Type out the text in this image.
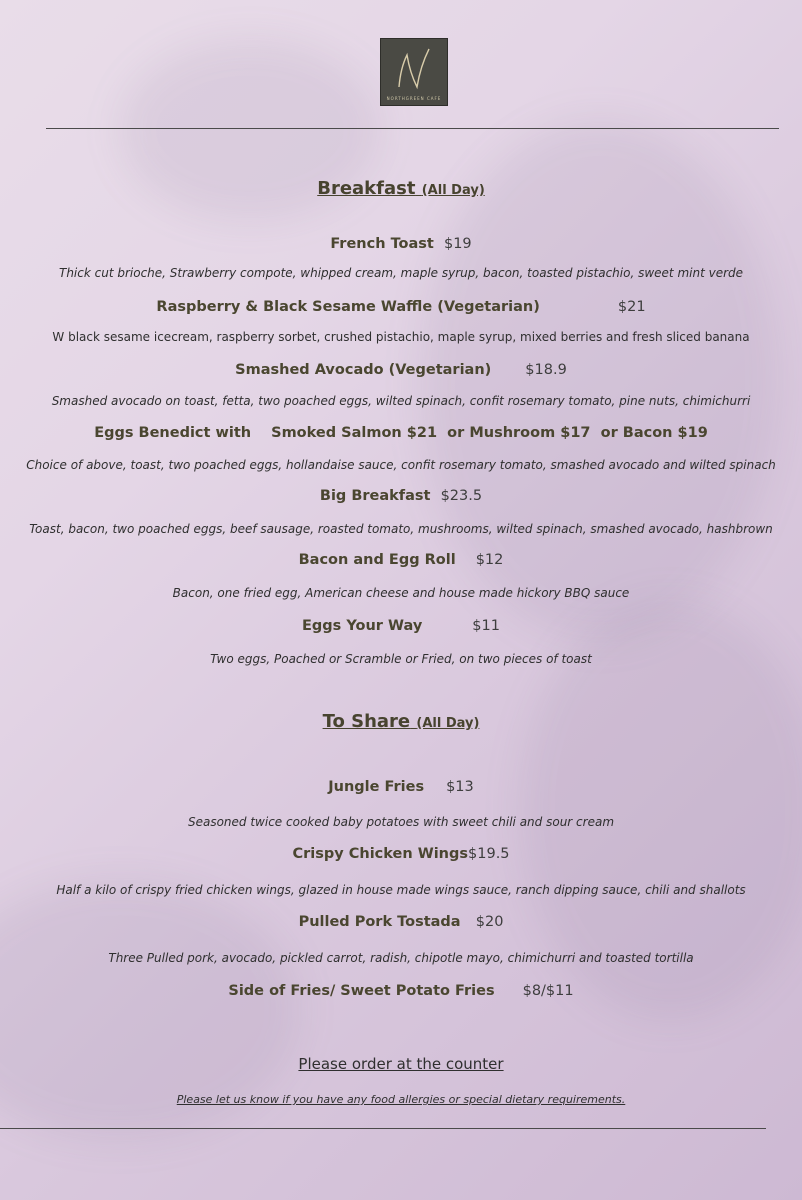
NORTHGREEN CAFE
Breakfast (All Day)
French Toast $19
Thick cut brioche, Strawberry compote, whipped cream, maple syrup, bacon, toasted pistachio, sweet mint verde
Raspberry & Black Sesame Waffle (Vegetarian)	$21
W black sesame icecream, raspberry sorbet, crushed pistachio, maple syrup, mixed berries and fresh sliced banana
Smashed Avocado (Vegetarian) $18.9
Smashed avocado on toast, fetta, two poached eggs, wilted spinach, confit rosemary tomato, pine nuts, chimichurri
Eggs Benedict with Smoked Salmon $21  or Mushroom $17  or Bacon $19
Choice of above, toast, two poached eggs, hollandaise sauce, confit rosemary tomato, smashed avocado and wilted spinach
Big Breakfast $23.5
Toast, bacon, two poached eggs, beef sausage, roasted tomato, mushrooms, wilted spinach, smashed avocado, hashbrown
Bacon and Egg Roll $12
Bacon, one fried egg, American cheese and house made hickory BBQ sauce
Eggs Your Way	$11
Two eggs, Poached or Scramble or Fried, on two pieces of toast
To Share (All Day)
Jungle Fries $13
Seasoned twice cooked baby potatoes with sweet chili and sour cream
Crispy Chicken Wings$19.5
Half a kilo of crispy fried chicken wings, glazed in house made wings sauce, ranch dipping sauce, chili and shallots
Pulled Pork Tostada $20
Three Pulled pork, avocado, pickled carrot, radish, chipotle mayo, chimichurri and toasted tortilla
Side of Fries/ Sweet Potato Fries $8/$11
Please order at the counter
Please let us know if you have any food allergies or special dietary requirements.
